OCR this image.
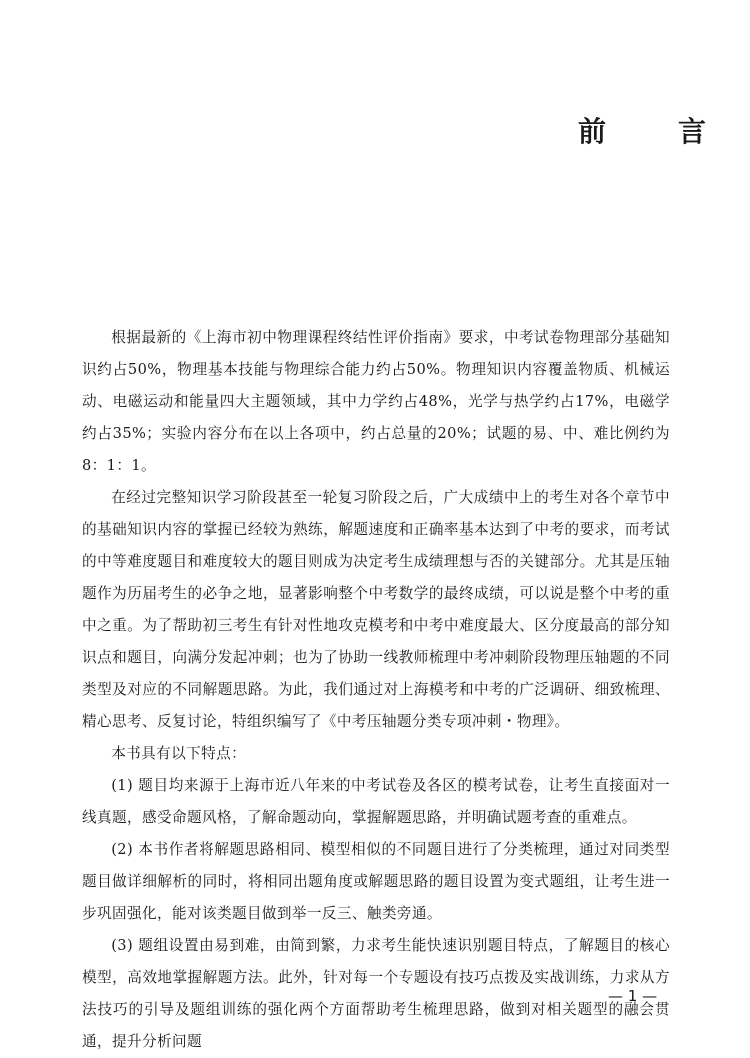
前　言

根据最新的《上海市初中物理课程终结性评价指南》要求，中考试卷物理部分基础知识约占50%，物理基本技能与物理综合能力约占50%。物理知识内容覆盖物质、机械运动、电磁运动和能量四大主题领域，其中力学约占48%，光学与热学约占17%，电磁学约占35%；实验内容分布在以上各项中，约占总量的20%；试题的易、中、难比例约为8：1：1。

在经过完整知识学习阶段甚至一轮复习阶段之后，广大成绩中上的考生对各个章节中的基础知识内容的掌握已经较为熟练，解题速度和正确率基本达到了中考的要求，而考试的中等难度题目和难度较大的题目则成为决定考生成绩理想与否的关键部分。尤其是压轴题作为历届考生的必争之地，显著影响整个中考数学的最终成绩，可以说是整个中考的重中之重。为了帮助初三考生有针对性地攻克模考和中考中难度最大、区分度最高的部分知识点和题目，向满分发起冲刺；也为了协助一线教师梳理中考冲刺阶段物理压轴题的不同类型及对应的不同解题思路。为此，我们通过对上海模考和中考的广泛调研、细致梳理、精心思考、反复讨论，特组织编写了《中考压轴题分类专项冲刺・物理》。

本书具有以下特点：

(1) 题目均来源于上海市近八年来的中考试卷及各区的模考试卷，让考生直接面对一线真题，感受命题风格，了解命题动向，掌握解题思路，并明确试题考查的重难点。

(2) 本书作者将解题思路相同、模型相似的不同题目进行了分类梳理，通过对同类型题目做详细解析的同时，将相同出题角度或解题思路的题目设置为变式题组，让考生进一步巩固强化，能对该类题目做到举一反三、触类旁通。

(3) 题组设置由易到难，由简到繁，力求考生能快速识别题目特点，了解题目的核心模型，高效地掌握解题方法。此外，针对每一个专题设有技巧点拨及实战训练，力求从方法技巧的引导及题组训练的强化两个方面帮助考生梳理思路，做到对相关题型的融会贯通，提升分析问题

— 1 —
